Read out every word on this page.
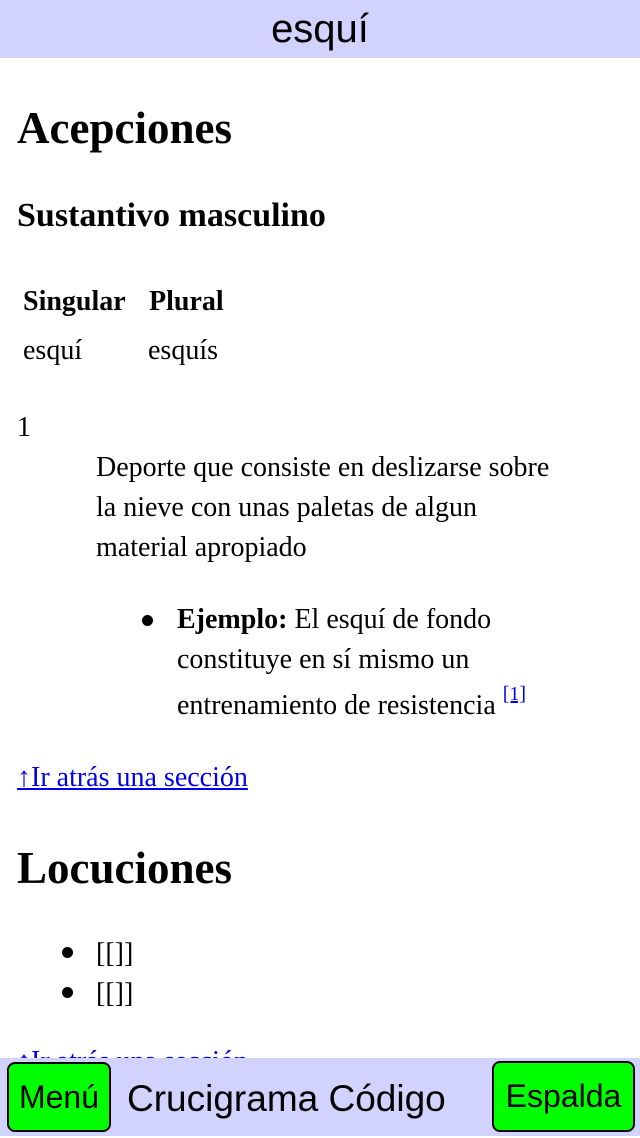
esquí
Acepciones
Sustantivo masculino
Singular Plural
esquí esquís
1
Deporte que consiste en deslizarse sobre
la nieve con unas paletas de algun
material apropiado
Ejemplo: El esquí de fondo
constituye en sí mismo un
entrenamiento de resistencia [1]
↑Ir atrás una sección
Locuciones
[[]]
[[]]
Menú Crucigrama Código	Espalda
